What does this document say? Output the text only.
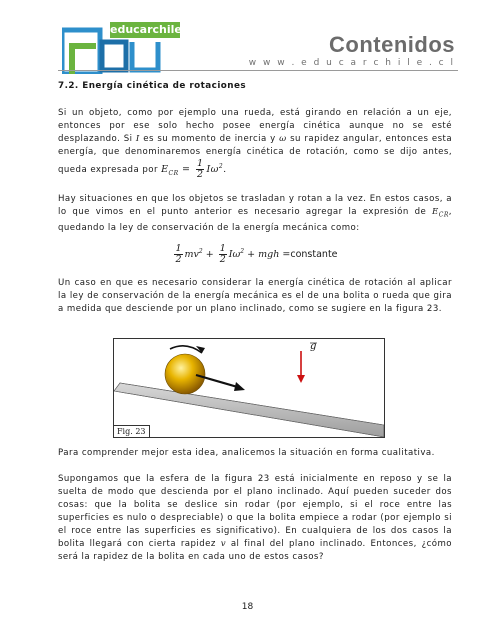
educarchile
Contenidos
w w w . e d u c a r c h i l e . c l

7.2. Energía cinética de rotaciones

Si un objeto, como por ejemplo una rueda, está girando en relación a un eje, entonces por ese solo hecho posee energía cinética aunque no se esté desplazando. Si I es su momento de inercia y ω su rapidez angular, entonces esta energía, que denominaremos energía cinética de rotación, como se dijo antes, queda expresada por $E_{CR} = \frac{1}{2} I\omega^2$.

Hay situaciones en que los objetos se trasladan y rotan a la vez. En estos casos, a lo que vimos en el punto anterior es necesario agregar la expresión de $E_{CR}$, quedando la ley de conservación de la energía mecánica como:

$\frac{1}{2} mv^2 + \frac{1}{2} I\omega^2$ + mgh =constante

Un caso en que es necesario considerar la energía cinética de rotación al aplicar la ley de conservación de la energía mecánica es el de una bolita o rueda que gira a medida que desciende por un plano inclinado, como se sugiere en la figura 23.

g
Fig. 23

Para comprender mejor esta idea, analicemos la situación en forma cualitativa.

Supongamos que la esfera de la figura 23 está inicialmente en reposo y se la suelta de modo que descienda por el plano inclinado. Aquí pueden suceder dos cosas: que la bolita se deslice sin rodar (por ejemplo, si el roce entre las superficies es nulo o despreciable) o que la bolita empiece a rodar (por ejemplo si el roce entre las superficies es significativo). En cualquiera de los dos casos la bolita llegará con cierta rapidez v al final del plano inclinado. Entonces, ¿cómo será la rapidez de la bolita en cada uno de estos casos?

18
